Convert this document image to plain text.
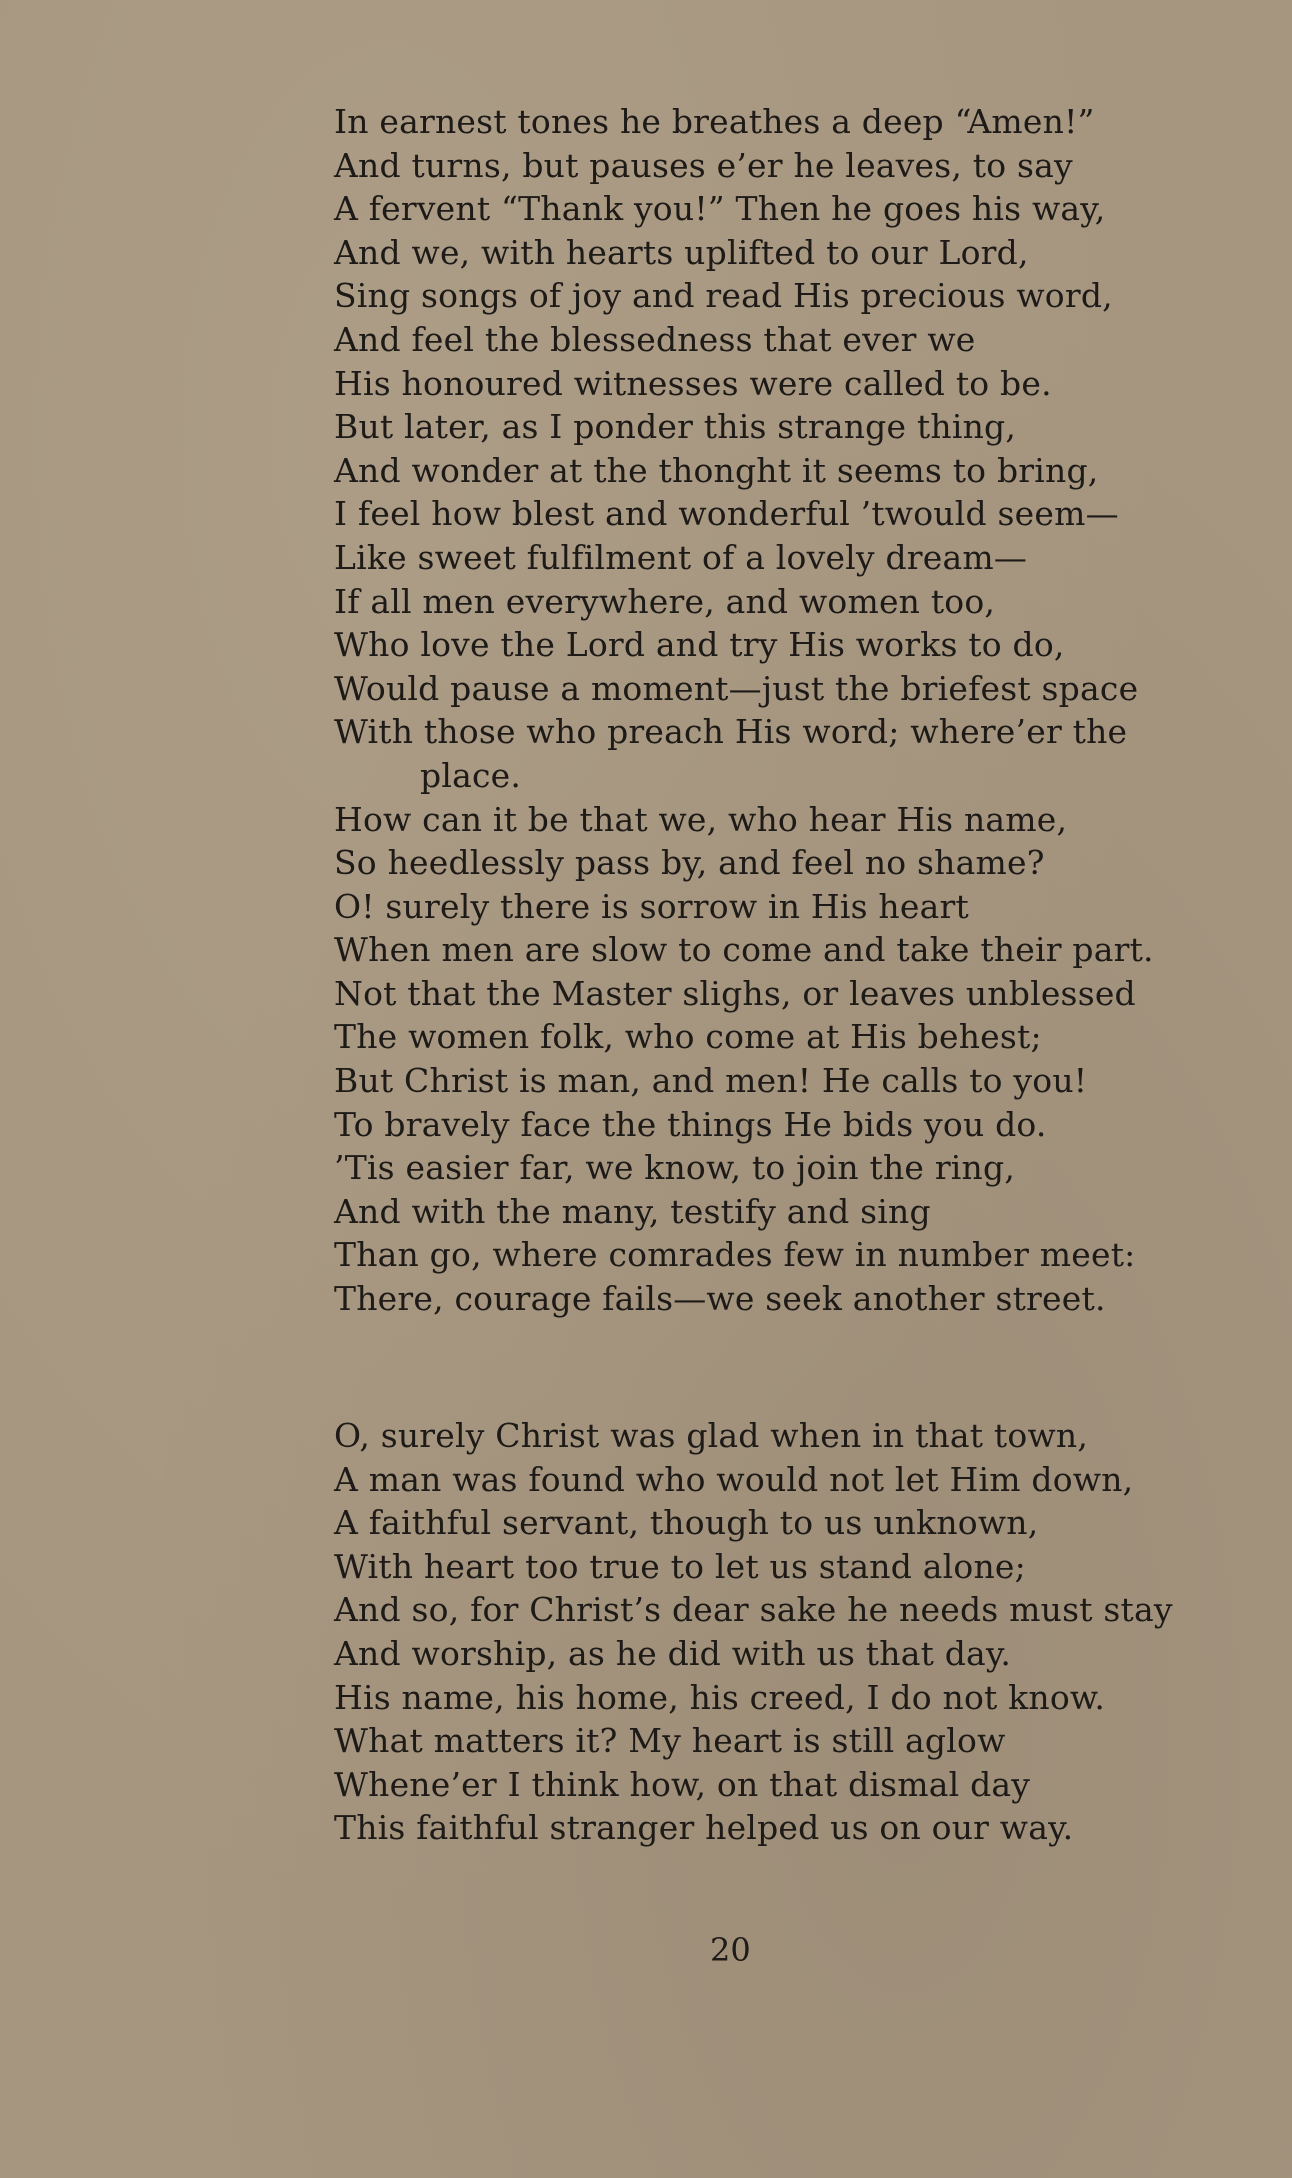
In earnest tones he breathes a deep “Amen!”
And turns, but pauses e’er he leaves, to say
A fervent “Thank you!” Then he goes his way,
And we, with hearts uplifted to our Lord,
Sing songs of joy and read His precious word,
And feel the blessedness that ever we
His honoured witnesses were called to be.
But later, as I ponder this strange thing,
And wonder at the thonght it seems to bring,
I feel how blest and wonderful ’twould seem—
Like sweet fulfilment of a lovely dream—
If all men everywhere, and women too,
Who love the Lord and try His works to do,
Would pause a moment—just the briefest space
With those who preach His word; where’er the
place.
How can it be that we, who hear His name,
So heedlessly pass by, and feel no shame?
O! surely there is sorrow in His heart
When men are slow to come and take their part.
Not that the Master slighs, or leaves unblessed
The women folk, who come at His behest;
But Christ is man, and men! He calls to you!
To bravely face the things He bids you do.
’Tis easier far, we know, to join the ring,
And with the many, testify and sing
Than go, where comrades few in number meet:
There, courage fails—we seek another street.
O, surely Christ was glad when in that town,
A man was found who would not let Him down,
A faithful servant, though to us unknown,
With heart too true to let us stand alone;
And so, for Christ’s dear sake he needs must stay
And worship, as he did with us that day.
His name, his home, his creed, I do not know.
What matters it? My heart is still aglow
Whene’er I think how, on that dismal day
This faithful stranger helped us on our way.
20
